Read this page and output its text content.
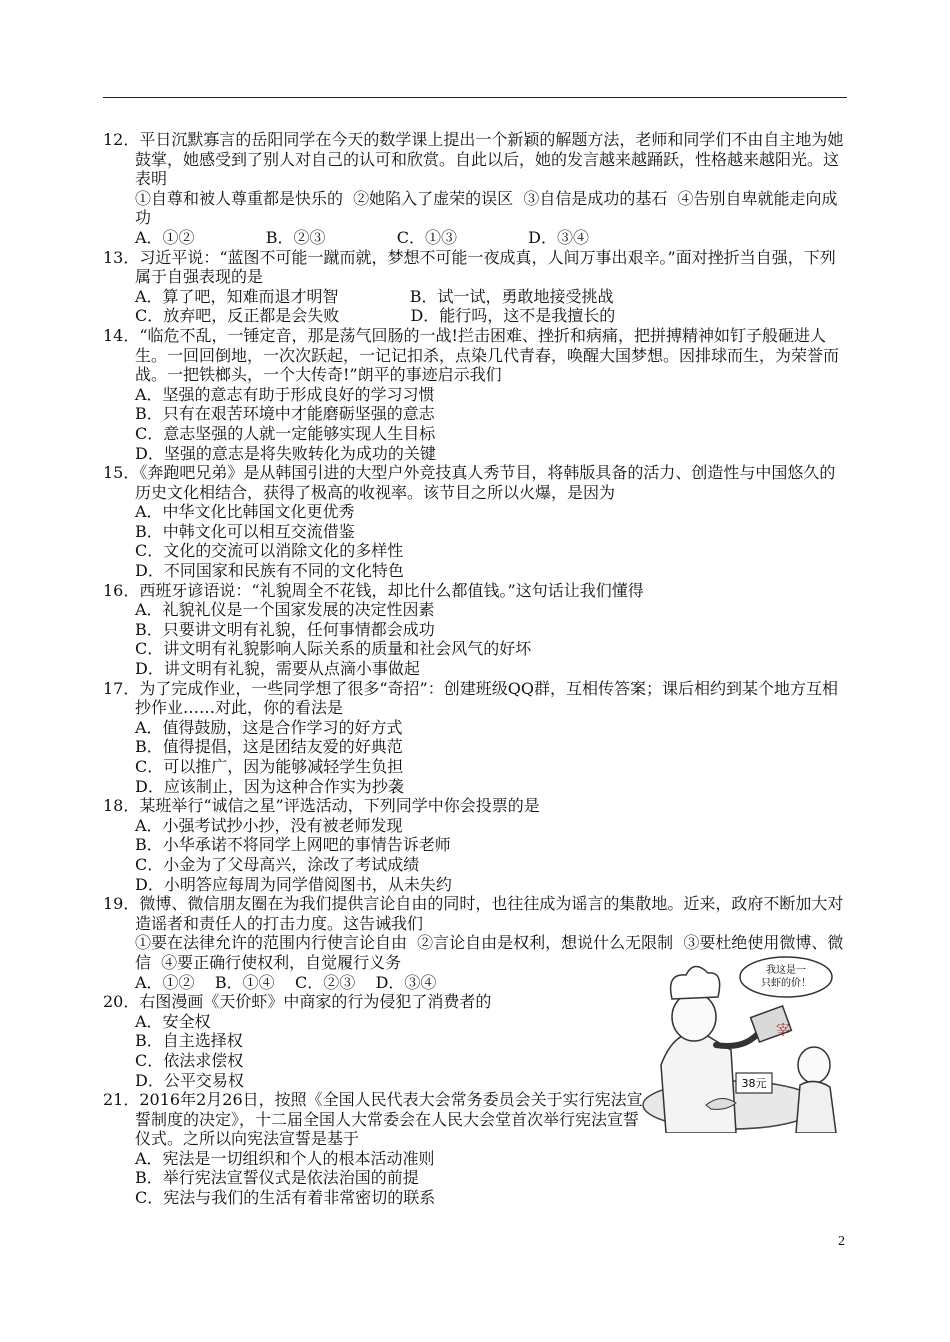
12．平日沉默寡言的岳阳同学在今天的数学课上提出一个新颖的解题方法，老师和同学们不由自主地为她鼓掌，她感受到了别人对自己的认可和欣赏。自此以后，她的发言越来越踊跃，性格越来越阳光。这表明
①自尊和被人尊重都是快乐的  ②她陷入了虚荣的误区  ③自信是成功的基石  ④告别自卑就能走向成功
A．①②              B．②③              C．①③              D．③④
13．习近平说：“蓝图不可能一蹴而就，梦想不可能一夜成真，人间万事出艰辛。”面对挫折当自强，下列属于自强表现的是
A．算了吧，知难而退才明智              B．试一试，勇敢地接受挑战
C．放弃吧，反正都是会失败              D．能行吗，这不是我擅长的
14．“临危不乱，一锤定音，那是荡气回肠的一战!拦击困难、挫折和病痛，把拼搏精神如钉子般砸进人生。一回回倒地，一次次跃起，一记记扣杀，点染几代青春，唤醒大国梦想。因排球而生，为荣誉而战。一把铁榔头，一个大传奇!”朗平的事迹启示我们
A．坚强的意志有助于形成良好的学习习惯
B．只有在艰苦环境中才能磨砺坚强的意志
C．意志坚强的人就一定能够实现人生目标
D．坚强的意志是将失败转化为成功的关键
15．《奔跑吧兄弟》是从韩国引进的大型户外竞技真人秀节目，将韩版具备的活力、创造性与中国悠久的历史文化相结合，获得了极高的收视率。该节目之所以火爆，是因为
A．中华文化比韩国文化更优秀
B．中韩文化可以相互交流借鉴
C．文化的交流可以消除文化的多样性
D．不同国家和民族有不同的文化特色
16．西班牙谚语说：“礼貌周全不花钱，却比什么都值钱。”这句话让我们懂得
A．礼貌礼仪是一个国家发展的决定性因素
B．只要讲文明有礼貌，任何事情都会成功
C．讲文明有礼貌影响人际关系的质量和社会风气的好坏
D．讲文明有礼貌，需要从点滴小事做起
17．为了完成作业，一些同学想了很多“奇招”：创建班级QQ群，互相传答案；课后相约到某个地方互相抄作业……对此，你的看法是
A．值得鼓励，这是合作学习的好方式
B．值得提倡，这是团结友爱的好典范
C．可以推广，因为能够减轻学生负担
D．应该制止，因为这种合作实为抄袭
18．某班举行“诚信之星”评选活动，下列同学中你会投票的是
A．小强考试抄小抄，没有被老师发现
B．小华承诺不将同学上网吧的事情告诉老师
C．小金为了父母高兴，涂改了考试成绩
D．小明答应每周为同学借阅图书，从未失约
19．微博、微信朋友圈在为我们提供言论自由的同时，也往往成为谣言的集散地。近来，政府不断加大对造谣者和责任人的打击力度。这告诫我们
①要在法律允许的范围内行使言论自由  ②言论自由是权利，想说什么无限制  ③要杜绝使用微博、微信  ④要正确行使权利，自觉履行义务
A．①②    B．①④    C．②③    D．③④
20．右图漫画《天价虾》中商家的行为侵犯了消费者的
A．安全权
B．自主选择权
C．依法求偿权
D．公平交易权
21．2016年2月26日，按照《全国人民代表大会常务委员会关于实行宪法宣誓制度的决定》，十二届全国人大常委会在人民大会堂首次举行宪法宣誓仪式。之所以向宪法宣誓是基于
A．宪法是一切组织和个人的根本活动准则
B．举行宪法宣誓仪式是依法治国的前提
C．宪法与我们的生活有着非常密切的联系
宰
我这是一
只虾的价！
38元
2
